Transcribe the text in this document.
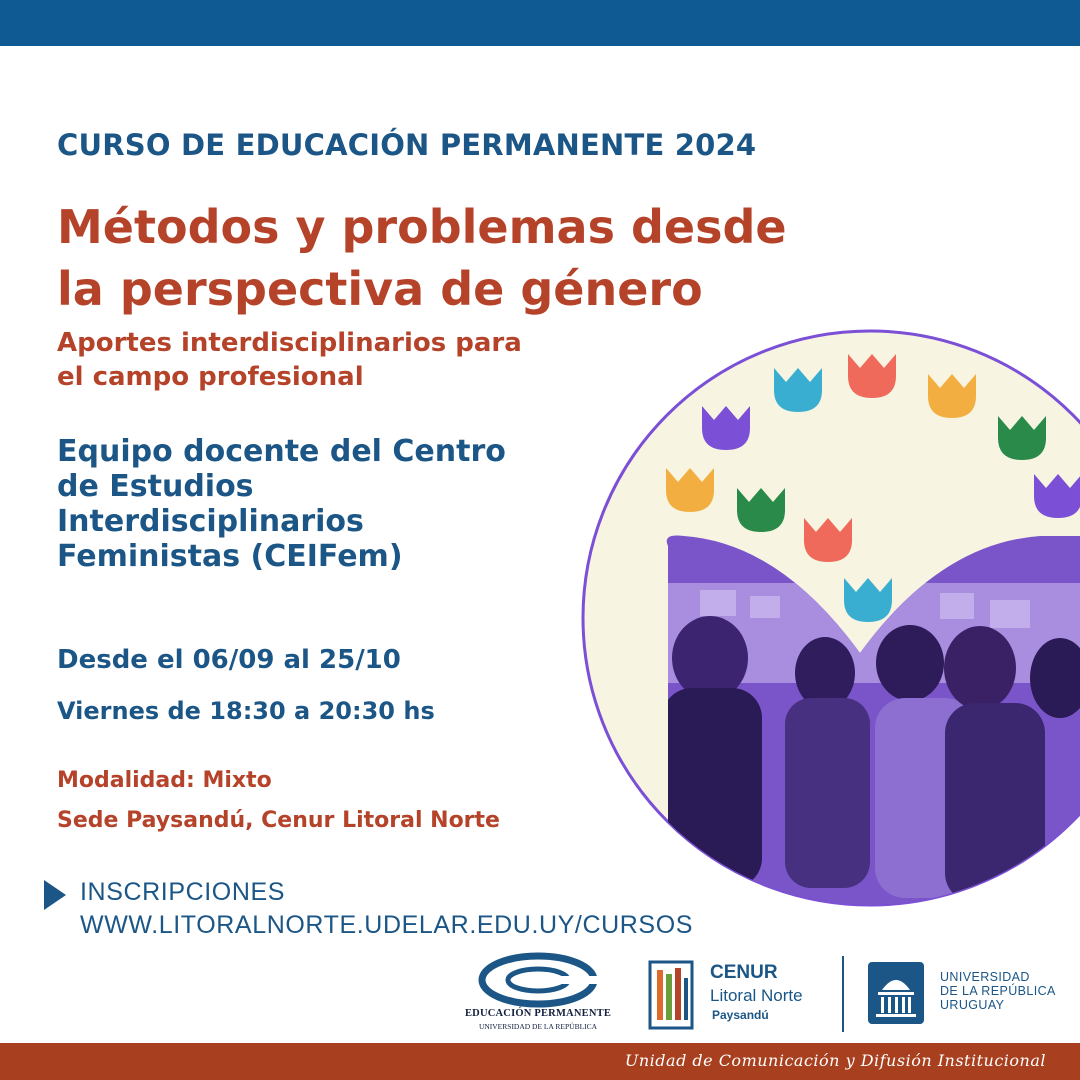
CURSO DE EDUCACIÓN PERMANENTE 2024

Métodos y problemas desde
la perspectiva de género
Aportes interdisciplinarios para
el campo profesional
Equipo docente del Centro
de Estudios
Interdisciplinarios
Feministas (CEIFem)

Desde el 06/09 al 25/10

Viernes de 18:30 a 20:30 hs

Modalidad: Mixto

Sede Paysandú, Cenur Litoral Norte

INSCRIPCIONES
WWW.LITORALNORTE.UDELAR.EDU.UY/CURSOS
EDUCACIÓN PERMANENTE
UNIVERSIDAD DE LA REPÚBLICA
CENUR
Litoral Norte
Paysandú
UNIVERSIDAD
DE LA REPÚBLICA
URUGUAY
Unidad de Comunicación y Difusión Institucional
